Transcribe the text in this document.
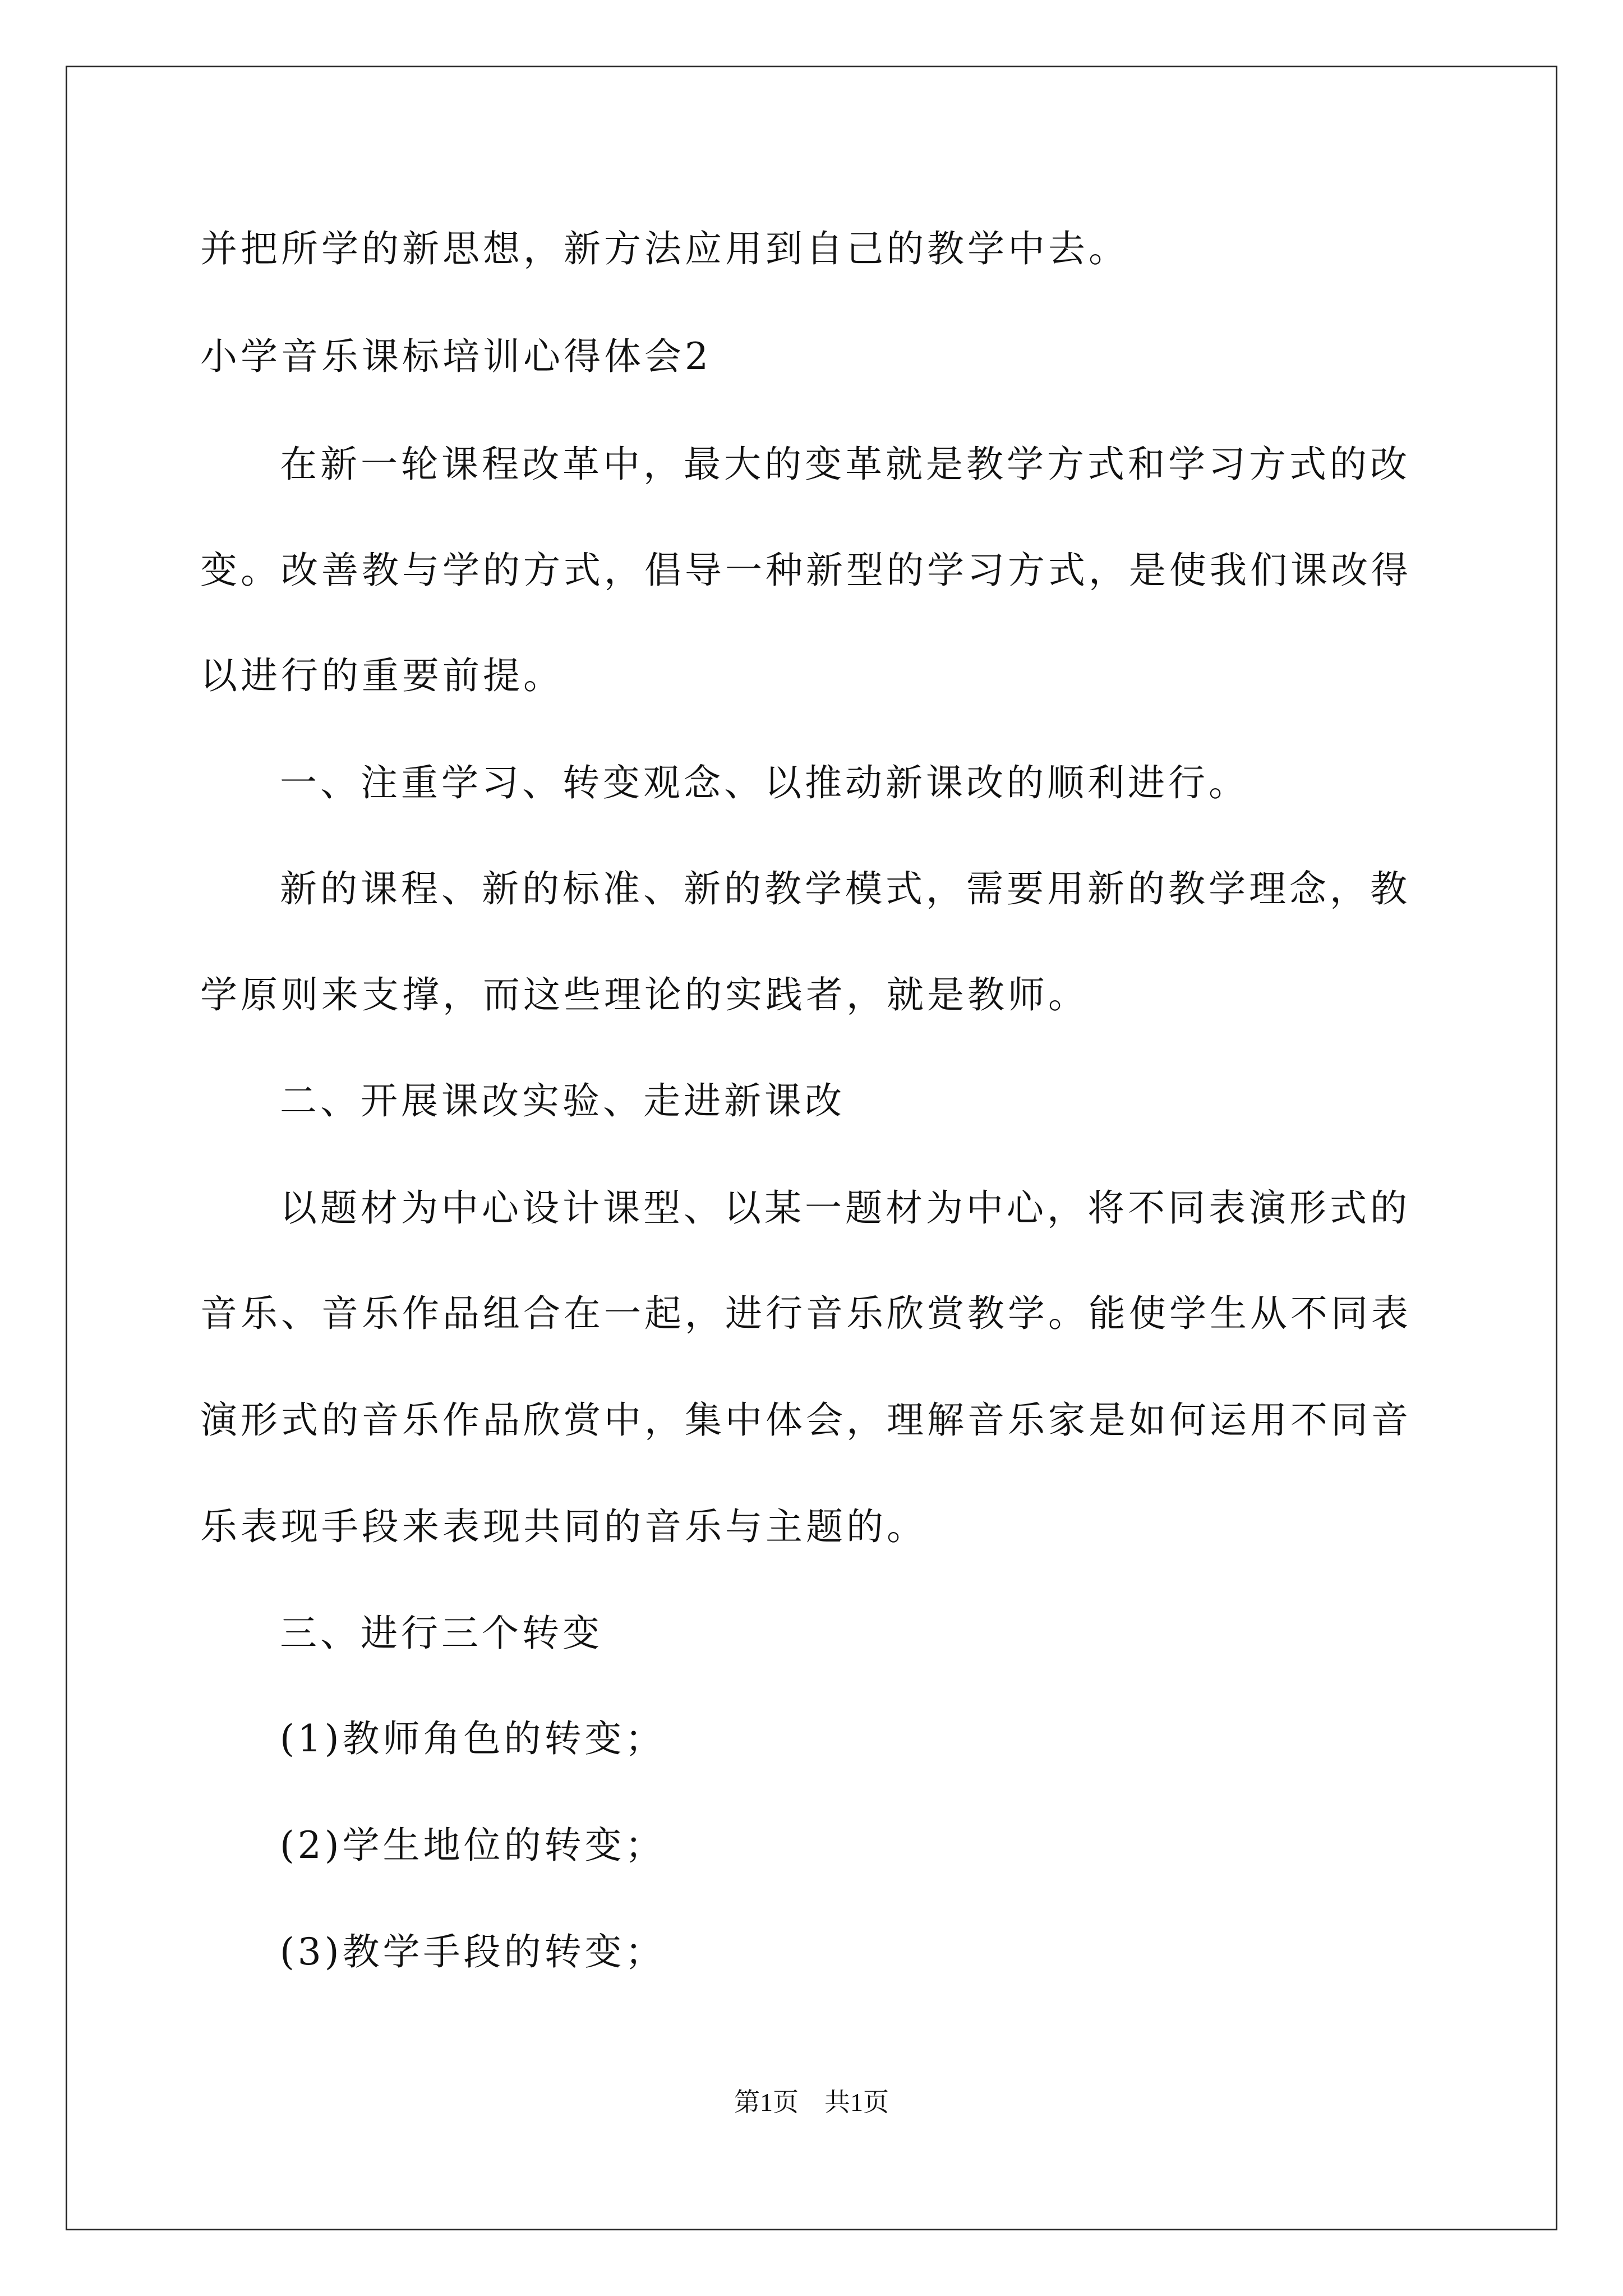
并把所学的新思想，新方法应用到自己的教学中去。
小学音乐课标培训心得体会2
在新一轮课程改革中，最大的变革就是教学方式和学习方式的改
变。改善教与学的方式，倡导一种新型的学习方式，是使我们课改得
以进行的重要前提。
一、注重学习、转变观念、以推动新课改的顺利进行。
新的课程、新的标准、新的教学模式，需要用新的教学理念，教
学原则来支撑，而这些理论的实践者，就是教师。
二、开展课改实验、走进新课改
以题材为中心设计课型、以某一题材为中心，将不同表演形式的
音乐、音乐作品组合在一起，进行音乐欣赏教学。能使学生从不同表
演形式的音乐作品欣赏中，集中体会，理解音乐家是如何运用不同音
乐表现手段来表现共同的音乐与主题的。
三、进行三个转变
(1)教师角色的转变；
(2)学生地位的转变；
(3)教学手段的转变；
第1页　共1页
